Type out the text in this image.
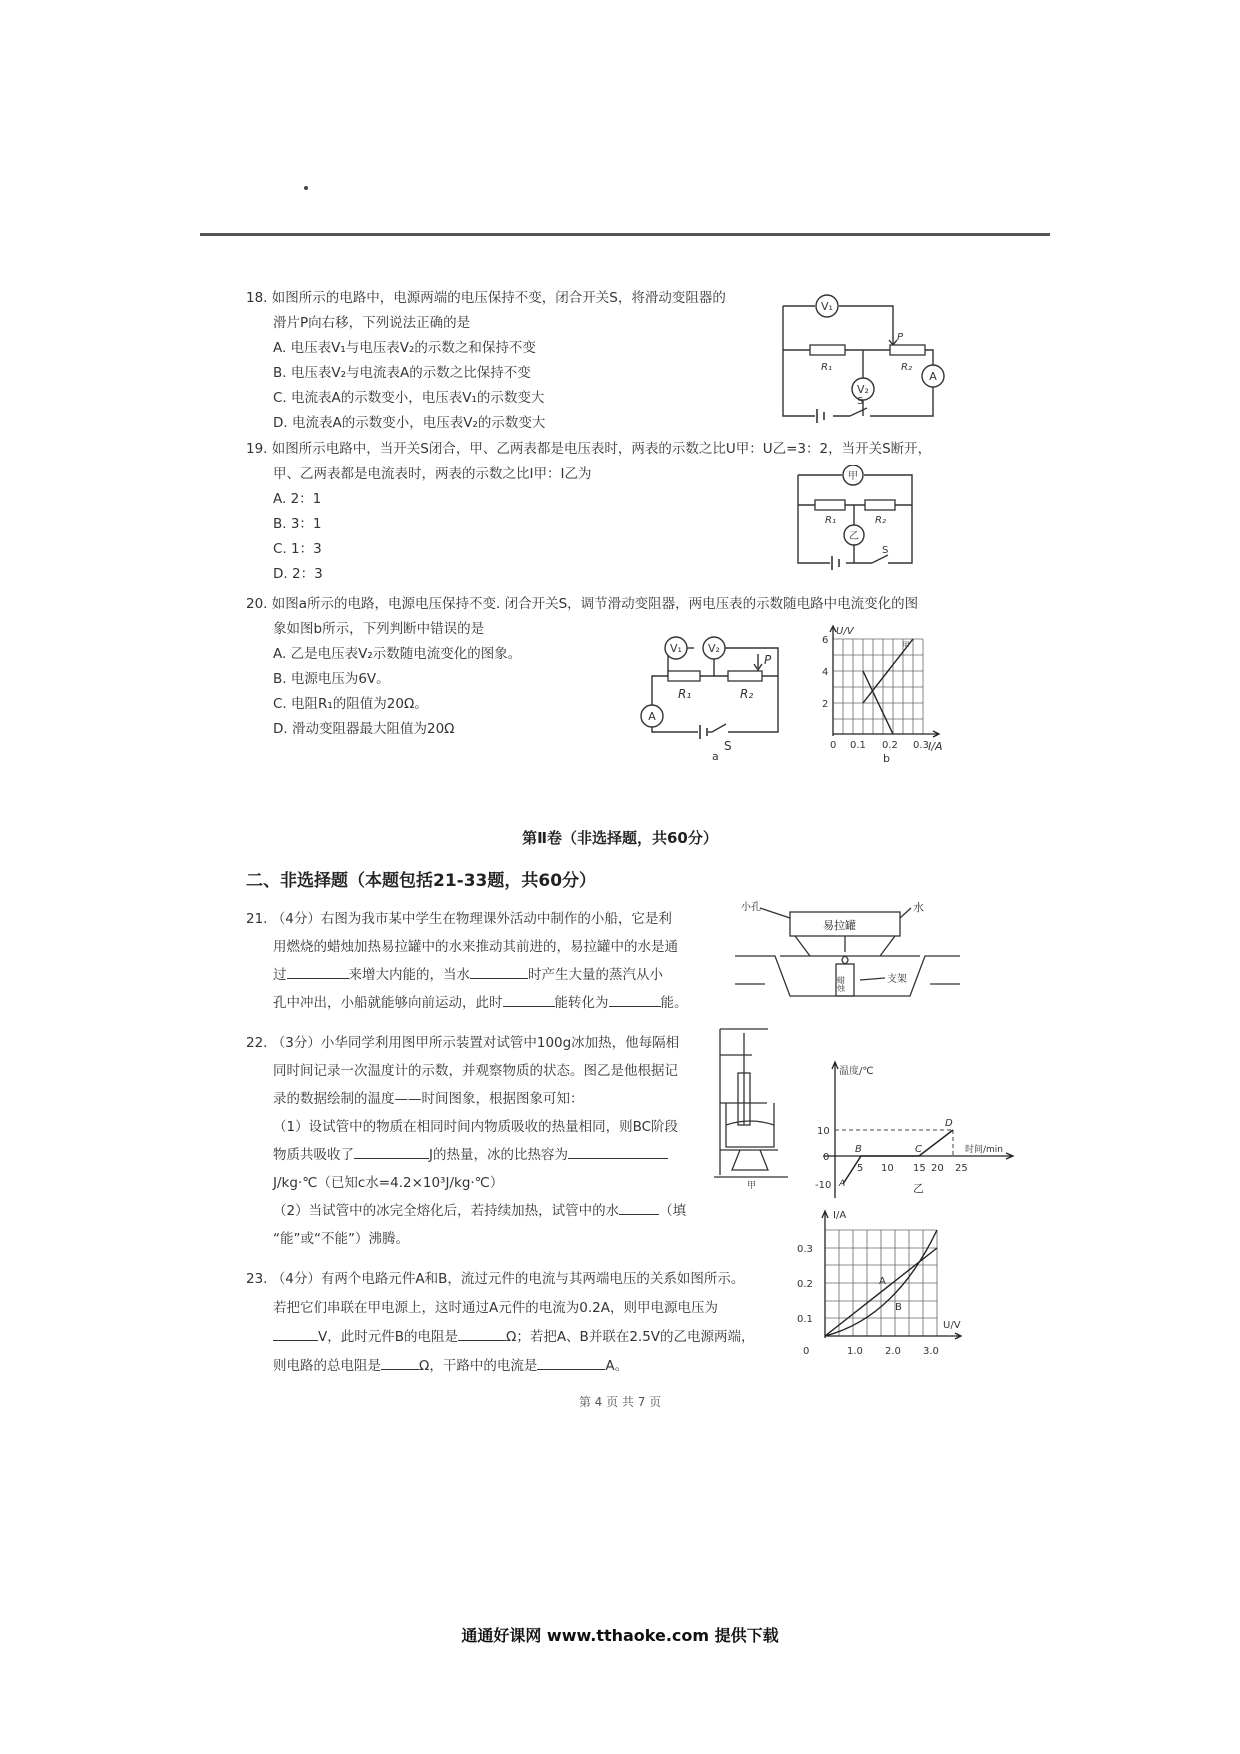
18. 如图所示的电路中，电源两端的电压保持不变，闭合开关S，将滑动变阻器的
滑片P向右移，下列说法正确的是
A. 电压表V₁与电压表V₂的示数之和保持不变
B. 电压表V₂与电流表A的示数之比保持不变
C. 电流表A的示数变小，电压表V₁的示数变大
D. 电流表A的示数变小，电压表V₂的示数变大
V₁
R₁	R₂
P
V₂
A
S
19. 如图所示电路中，当开关S闭合，甲、乙两表都是电压表时，两表的示数之比U甲：U乙=3：2，当开关S断开，
甲、乙两表都是电流表时，两表的示数之比I甲：I乙为
A. 2：1
B. 3：1
C. 1：3
D. 2：3
甲
R₁	R₂
乙
S
20. 如图a所示的电路，电源电压保持不变. 闭合开关S，调节滑动变阻器，两电压表的示数随电路中电流变化的图
象如图b所示，下列判断中错误的是
A. 乙是电压表V₂示数随电流变化的图象。
B. 电源电压为6V。
C. 电阻R₁的阻值为20Ω。
D. 滑动变阻器最大阻值为20Ω
V₁ V₂
R₁	R₂
P
A
S
a
甲
U/V
6
4
2
0 0.1 0.2 0.3 I/A
b
第Ⅱ卷（非选择题，共60分）
二、非选择题（本题包括21-33题，共60分）
21. （4分）右图为我市某中学生在物理课外活动中制作的小船，它是利
用燃烧的蜡烛加热易拉罐中的水来推动其前进的，易拉罐中的水是通
过	来增大内能的，当水	时产生大量的蒸汽从小
孔中冲出，小船就能够向前运动，此时	能转化为	能。
小孔
易拉罐
水
蜡烛	支架
22. （3分）小华同学利用图甲所示装置对试管中100g冰加热，他每隔相
同时间记录一次温度计的示数，并观察物质的状态。图乙是他根据记
录的数据绘制的温度——时间图象，根据图象可知：
（1）设试管中的物质在相同时间内物质吸收的热量相同，则BC阶段
物质共吸收了	J的热量，冰的比热容为
J/kg·℃（已知c水=4.2×10³J/kg·℃）
（2）当试管中的冰完全熔化后，若持续加热，试管中的水	（填
“能”或“不能”）沸腾。
甲
温度/℃
时间/min
10
0
-10
5 10 15 20 25
A
B	C
D
乙
23. （4分）有两个电路元件A和B，流过元件的电流与其两端电压的关系如图所示。
若把它们串联在甲电源上，这时通过A元件的电流为0.2A，则甲电源电压为
V，此时元件B的电阻是	Ω；若把A、B并联在2.5V的乙电源两端，
则电路的总电阻是	Ω，干路中的电流是	A。
I/A
0.3
0.2
0.1
0	1.0 2.0 3.0
U/V
A
B
第 4 页 共 7 页
通通好课网 www.tthaoke.com 提供下载
